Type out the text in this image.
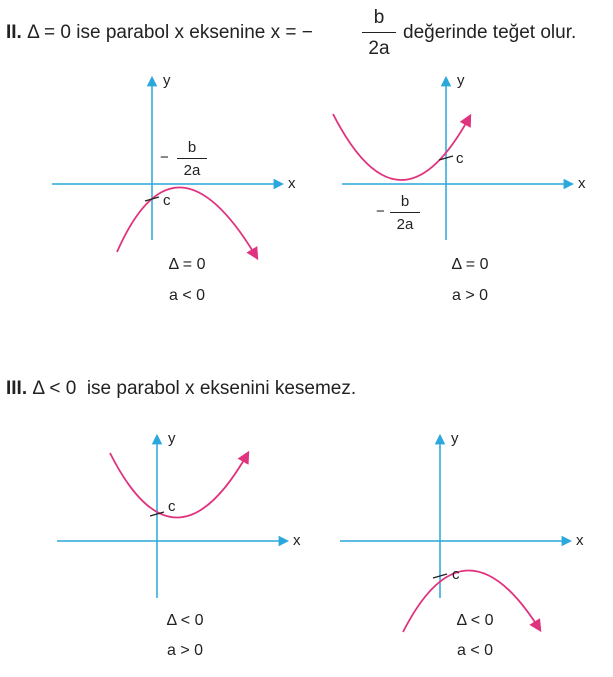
II. Δ = 0 ise parabol x eksenine x = −
b
2a
değerinde teğet olur.
III. Δ < 0  ise parabol x eksenini kesemez.
y
x
c
−
b
2a
Δ = 0
a < 0
y
x
c
−
b
2a
Δ = 0
a > 0
y
x
c
Δ < 0
a > 0
y
x
c
Δ < 0
a < 0
